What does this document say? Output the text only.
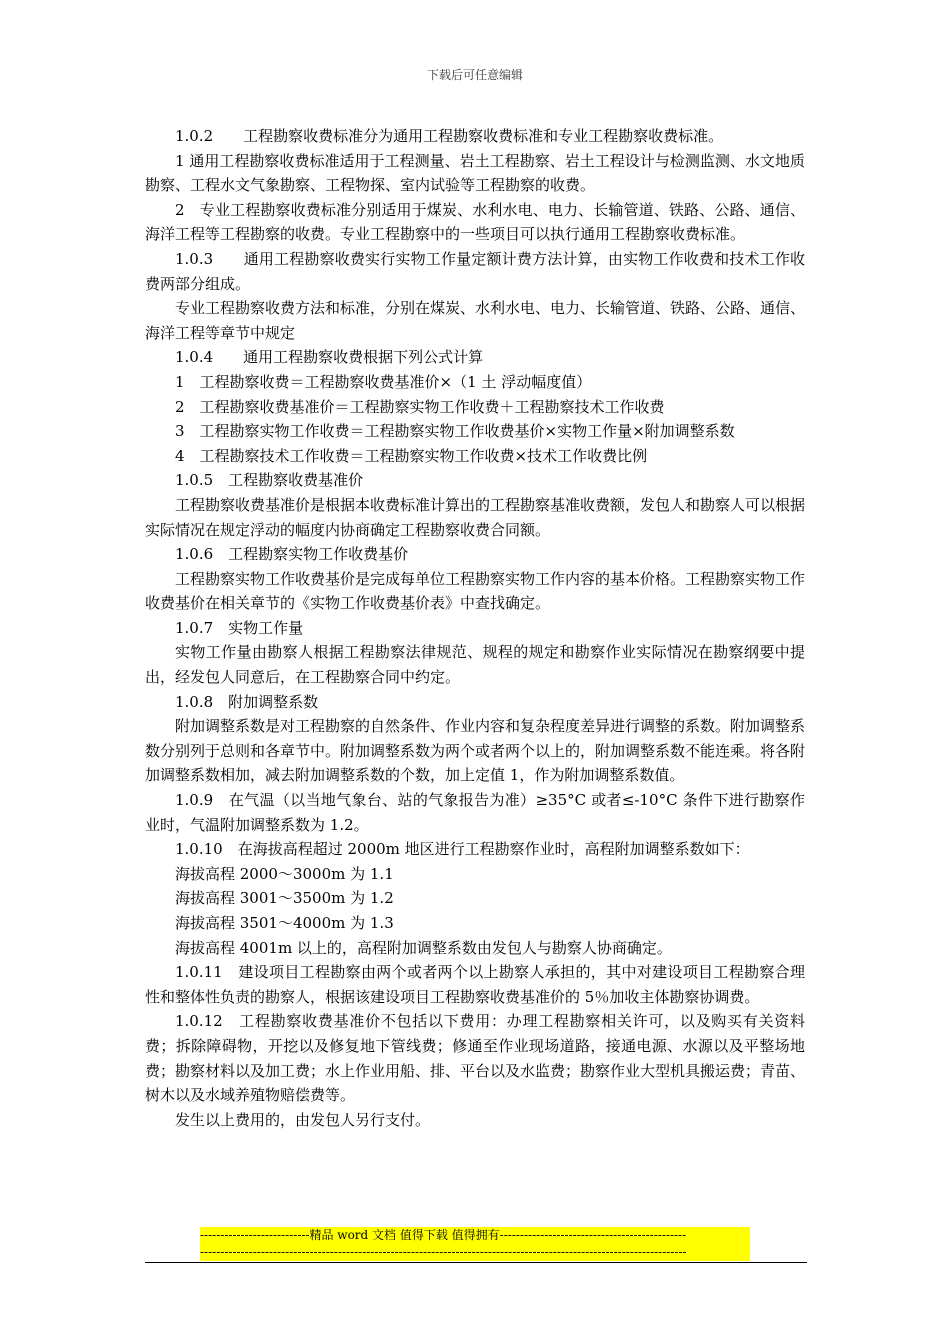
下载后可任意编辑

1.0.2　　工程勘察收费标准分为通用工程勘察收费标准和专业工程勘察收费标准。

1 通用工程勘察收费标准适用于工程测量、岩土工程勘察、岩土工程设计与检测监测、水文地质勘察、工程水文气象勘察、工程物探、室内试验等工程勘察的收费。

2　专业工程勘察收费标准分别适用于煤炭、水利水电、电力、长输管道、铁路、公路、通信、海洋工程等工程勘察的收费。专业工程勘察中的一些项目可以执行通用工程勘察收费标准。

1.0.3　　通用工程勘察收费实行实物工作量定额计费方法计算，由实物工作收费和技术工作收费两部分组成。

专业工程勘察收费方法和标准，分别在煤炭、水利水电、电力、长输管道、铁路、公路、通信、海洋工程等章节中规定

1.0.4　　通用工程勘察收费根据下列公式计算

1　工程勘察收费＝工程勘察收费基准价×（1 土 浮动幅度值）

2　工程勘察收费基准价＝工程勘察实物工作收费＋工程勘察技术工作收费

3　工程勘察实物工作收费＝工程勘察实物工作收费基价×实物工作量×附加调整系数

4　工程勘察技术工作收费＝工程勘察实物工作收费×技术工作收费比例

1.0.5　工程勘察收费基准价

工程勘察收费基准价是根据本收费标准计算出的工程勘察基准收费额，发包人和勘察人可以根据实际情况在规定浮动的幅度内协商确定工程勘察收费合同额。

1.0.6　工程勘察实物工作收费基价

工程勘察实物工作收费基价是完成每单位工程勘察实物工作内容的基本价格。工程勘察实物工作收费基价在相关章节的《实物工作收费基价表》中查找确定。

1.0.7　实物工作量

实物工作量由勘察人根据工程勘察法律规范、规程的规定和勘察作业实际情况在勘察纲要中提出，经发包人同意后，在工程勘察合同中约定。

1.0.8　附加调整系数

附加调整系数是对工程勘察的自然条件、作业内容和复杂程度差异进行调整的系数。附加调整系数分别列于总则和各章节中。附加调整系数为两个或者两个以上的，附加调整系数不能连乘。将各附加调整系数相加，减去附加调整系数的个数，加上定值 1，作为附加调整系数值。

1.0.9　在气温（以当地气象台、站的气象报告为准）≥35°C 或者≤-10°C 条件下进行勘察作业时，气温附加调整系数为 1.2。

1.0.10　在海拔高程超过 2000m 地区进行工程勘察作业时，高程附加调整系数如下：

海拔高程 2000～3000m 为 1.1

海拔高程 3001～3500m 为 1.2

海拔高程 3501～4000m 为 1.3

海拔高程 4001m 以上的，高程附加调整系数由发包人与勘察人协商确定。

1.0.11　建设项目工程勘察由两个或者两个以上勘察人承担的，其中对建设项目工程勘察合理性和整体性负责的勘察人，根据该建设项目工程勘察收费基准价的 5％加收主体勘察协调费。

1.0.12　工程勘察收费基准价不包括以下费用：办理工程勘察相关许可，以及购买有关资料费；拆除障碍物，开挖以及修复地下管线费；修通至作业现场道路，接通电源、水源以及平整场地费；勘察材料以及加工费；水上作业用船、排、平台以及水监费；勘察作业大型机具搬运费；青苗、树木以及水域养殖物赔偿费等。

发生以上费用的，由发包人另行支付。

---------------------------精品 word 文档 值得下载 值得拥有----------------------------------------------
------------------------------------------------------------------------------------------------------------------------
